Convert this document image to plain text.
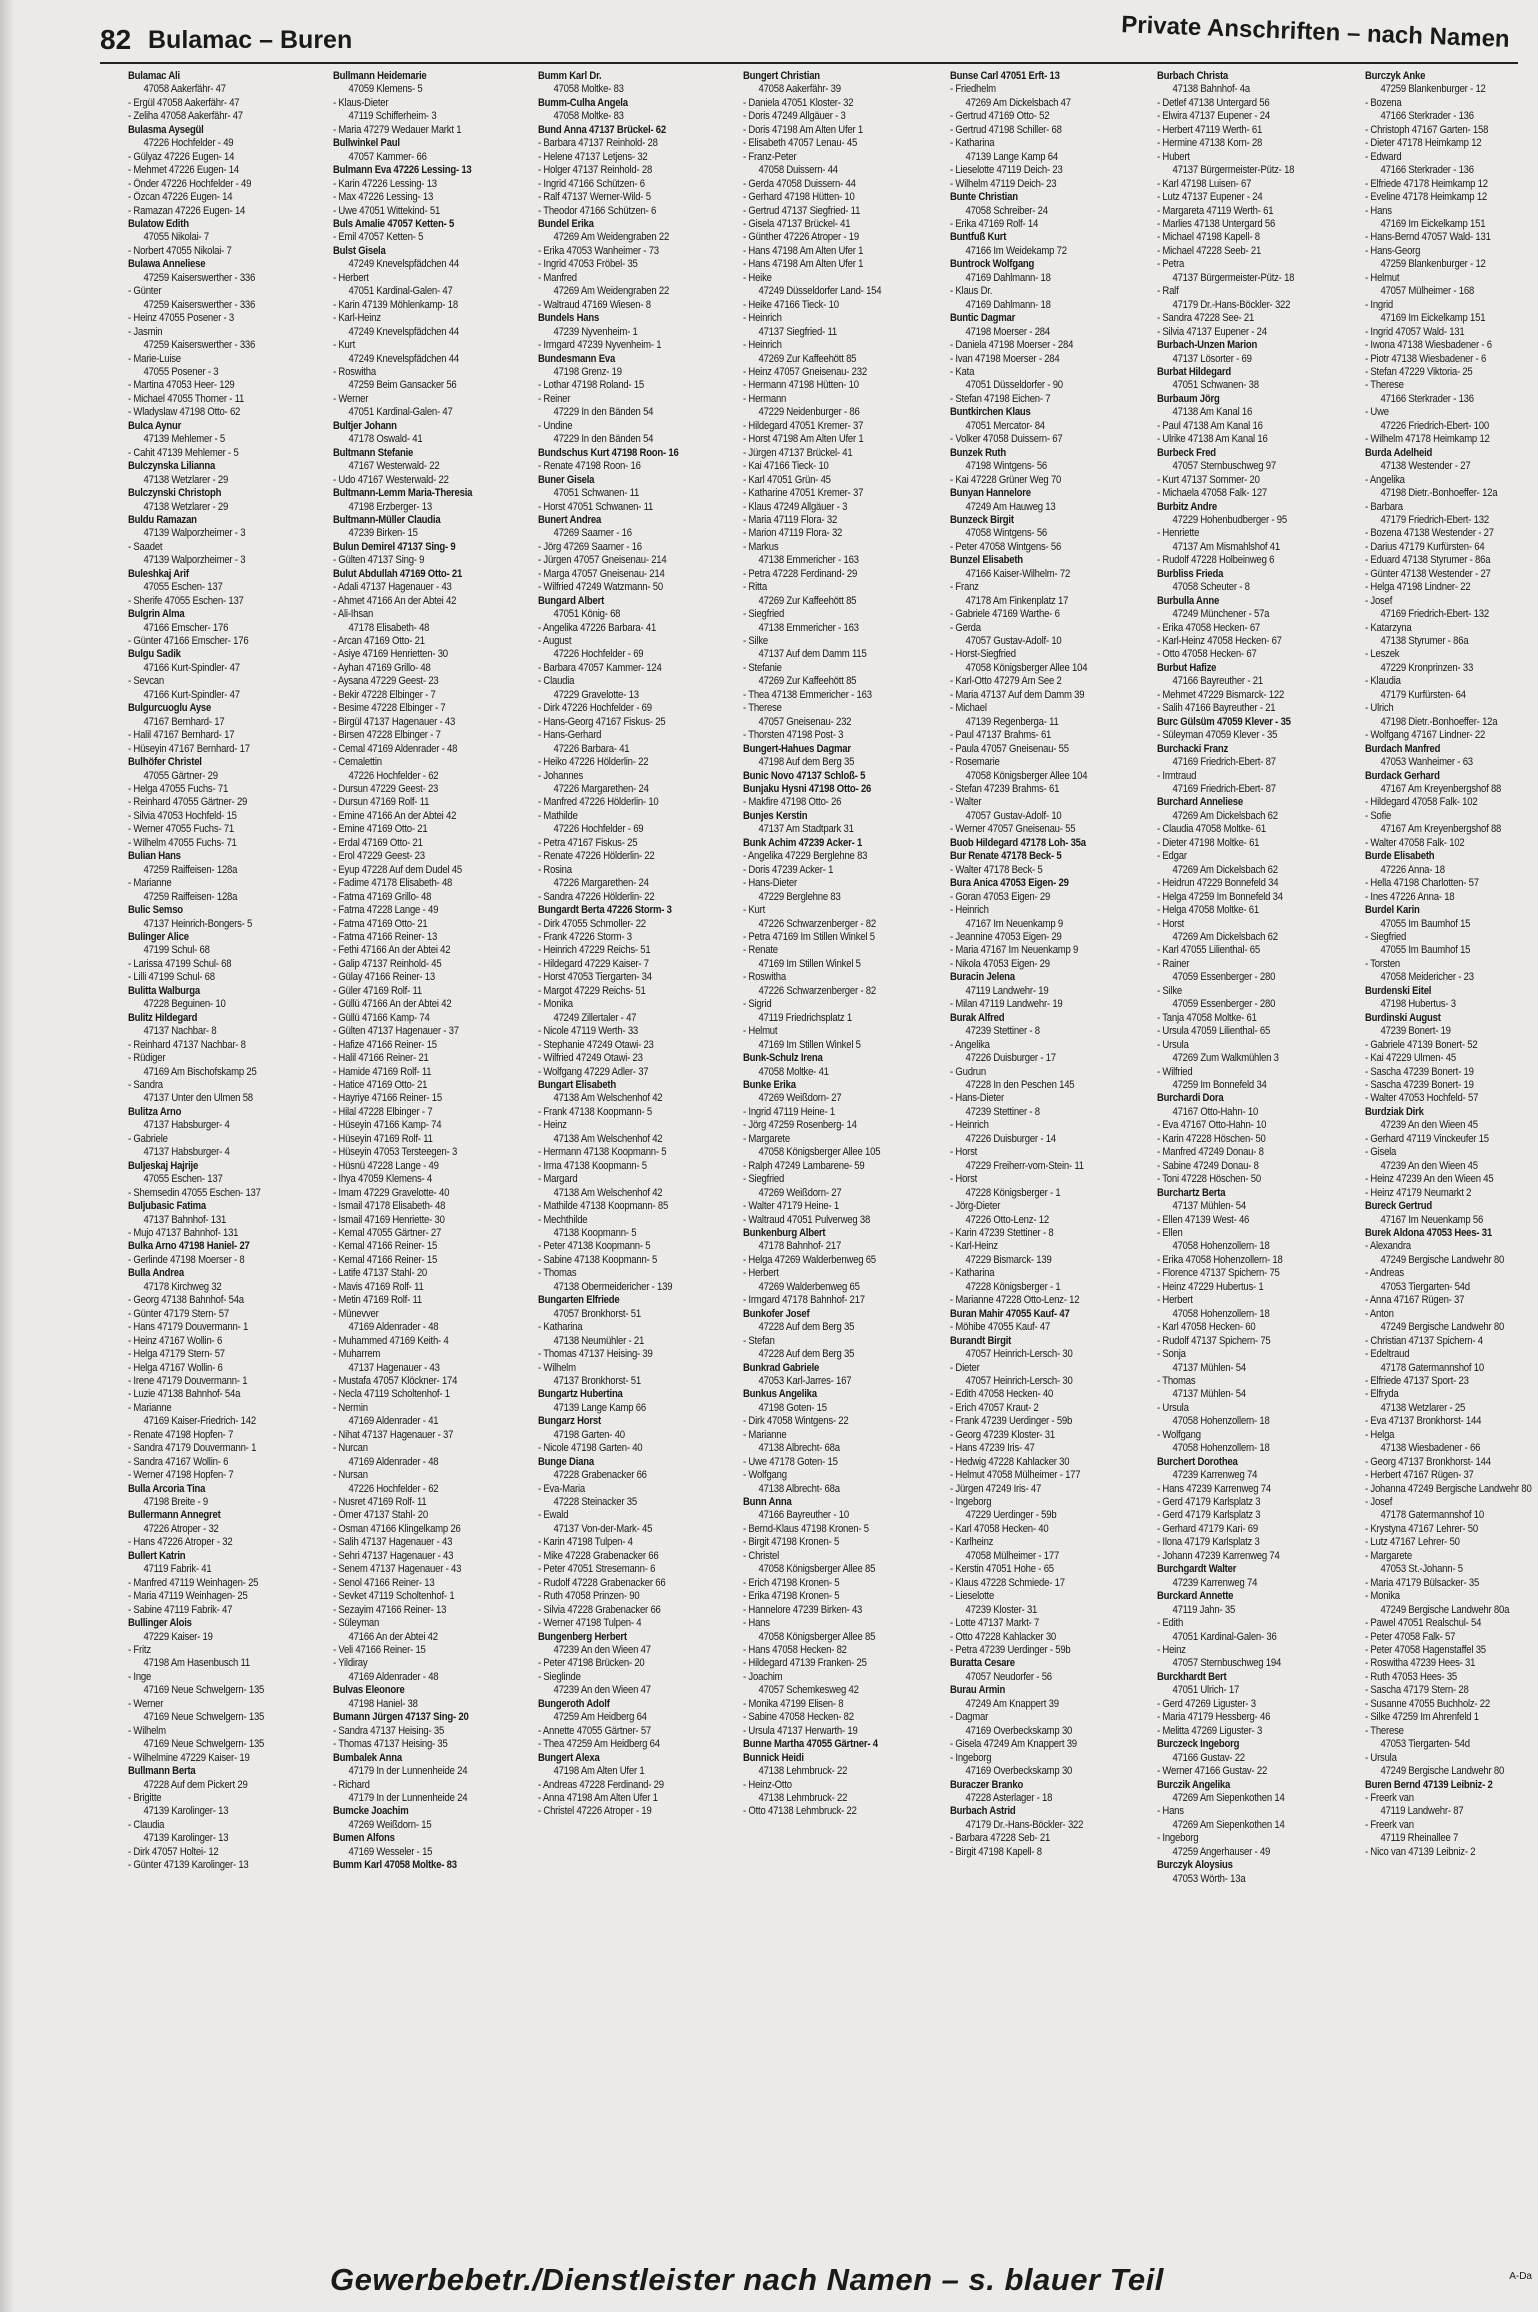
82 Bulamac – Buren	Private Anschriften – nach Namen
Bulamac Ali
47058 Aakerfähr- 47
- Ergül 47058 Aakerfähr- 47
- Zeliha 47058 Aakerfähr- 47
Bulasma Aysegül
47226 Hochfelder - 49
- Gülyaz 47226 Eugen- 14
- Mehmet 47226 Eugen- 14
- Önder 47226 Hochfelder - 49
- Özcan 47226 Eugen- 14
- Ramazan 47226 Eugen- 14
Bulatow Edith
47055 Nikolai- 7
- Norbert 47055 Nikolai- 7
Bulawa Anneliese
47259 Kaiserswerther - 336
- Günter
47259 Kaiserswerther - 336
- Heinz 47055 Posener - 3
- Jasmin
47259 Kaiserswerther - 336
- Marie-Luise
47055 Posener - 3
- Martina 47053 Heer- 129
- Michael 47055 Thorner - 11
- Wladyslaw 47198 Otto- 62
Bulca Aynur
47139 Mehlemer - 5
- Cahit 47139 Mehlemer - 5
Bulczynska Lilianna
47138 Wetzlarer - 29
Bulczynski Christoph
47138 Wetzlarer - 29
Buldu Ramazan
47139 Walporzheimer - 3
- Saadet
47139 Walporzheimer - 3
Buleshkaj Arif
47055 Eschen- 137
- Sherife 47055 Eschen- 137
Bulgrin Alma
47166 Emscher- 176
- Günter 47166 Emscher- 176
Bulgu Sadik
47166 Kurt-Spindler- 47
- Sevcan
47166 Kurt-Spindler- 47
Bulgurcuoglu Ayse
47167 Bernhard- 17
- Halil 47167 Bernhard- 17
- Hüseyin 47167 Bernhard- 17
Bulhöfer Christel
47055 Gärtner- 29
- Helga 47055 Fuchs- 71
- Reinhard 47055 Gärtner- 29
- Silvia 47053 Hochfeld- 15
- Werner 47055 Fuchs- 71
- Wilhelm 47055 Fuchs- 71
Bulian Hans
47259 Raiffeisen- 128a
- Marianne
47259 Raiffeisen- 128a
Bulic Semso
47137 Heinrich-Bongers- 5
Bulinger Alice
47199 Schul- 68
- Larissa 47199 Schul- 68
- Lilli 47199 Schul- 68
Bulitta Walburga
47228 Beguinen- 10
Bulitz Hildegard
47137 Nachbar- 8
- Reinhard 47137 Nachbar- 8
- Rüdiger
47169 Am Bischofskamp 25
- Sandra
47137 Unter den Ulmen 58
Bulitza Arno
47137 Habsburger- 4
- Gabriele
47137 Habsburger- 4
Buljeskaj Hajrije
47055 Eschen- 137
- Shemsedin 47055 Eschen- 137
Buljubasic Fatima
47137 Bahnhof- 131
- Mujo 47137 Bahnhof- 131
Bulka Arno 47198 Haniel- 27
- Gerlinde 47198 Moerser - 8
Bulla Andrea
47178 Kirchweg 32
- Georg 47138 Bahnhof- 54a
- Günter 47179 Stern- 57
- Hans 47179 Douvermann- 1
- Heinz 47167 Wollin- 6
- Helga 47179 Stern- 57
- Helga 47167 Wollin- 6
- Irene 47179 Douvermann- 1
- Luzie 47138 Bahnhof- 54a
- Marianne
47169 Kaiser-Friedrich- 142
- Renate 47198 Hopfen- 7
- Sandra 47179 Douvermann- 1
- Sandra 47167 Wollin- 6
- Werner 47198 Hopfen- 7
Bulla Arcoria Tina
47198 Breite - 9
Bullermann Annegret
47226 Atroper - 32
- Hans 47226 Atroper - 32
Bullert Katrin
47119 Fabrik- 41
- Manfred 47119 Weinhagen- 25
- Maria 47119 Weinhagen- 25
- Sabine 47119 Fabrik- 47
Bullinger Alois
47229 Kaiser- 19
- Fritz
47198 Am Hasenbusch 11
- Inge
47169 Neue Schwelgern- 135
- Werner
47169 Neue Schwelgern- 135
- Wilhelm
47169 Neue Schwelgern- 135
- Wilhelmine 47229 Kaiser- 19
Bullmann Berta
47228 Auf dem Pickert 29
- Brigitte
47139 Karolinger- 13
- Claudia
47139 Karolinger- 13
- Dirk 47057 Holtei- 12
- Günter 47139 Karolinger- 13
Bullmann Heidemarie
47059 Klemens- 5
- Klaus-Dieter
47119 Schifferheim- 3
- Maria 47279 Wedauer Markt 1
Bullwinkel Paul
47057 Kammer- 66
Bulmann Eva 47226 Lessing- 13
- Karin 47226 Lessing- 13
- Max 47226 Lessing- 13
- Uwe 47051 Wittekind- 51
Buls Amalie 47057 Ketten- 5
- Emil 47057 Ketten- 5
Bulst Gisela
47249 Knevelspfädchen 44
- Herbert
47051 Kardinal-Galen- 47
- Karin 47139 Möhlenkamp- 18
- Karl-Heinz
47249 Knevelspfädchen 44
- Kurt
47249 Knevelspfädchen 44
- Roswitha
47259 Beim Gansacker 56
- Werner
47051 Kardinal-Galen- 47
Bultjer Johann
47178 Oswald- 41
Bultmann Stefanie
47167 Westerwald- 22
- Udo 47167 Westerwald- 22
Bultmann-Lemm Maria-Theresia
47198 Erzberger- 13
Bultmann-Müller Claudia
47239 Birken- 15
Bulun Demirel 47137 Sing- 9
- Gülten 47137 Sing- 9
Bulut Abdullah 47169 Otto- 21
- Adali 47137 Hagenauer - 43
- Ahmet 47166 An der Abtei 42
- Ali-Ihsan
47178 Elisabeth- 48
- Arcan 47169 Otto- 21
- Asiye 47169 Henrietten- 30
- Ayhan 47169 Grillo- 48
- Aysana 47229 Geest- 23
- Bekir 47228 Elbinger - 7
- Besime 47228 Elbinger - 7
- Birgül 47137 Hagenauer - 43
- Birsen 47228 Elbinger - 7
- Cemal 47169 Aldenrader - 48
- Cemalettin
47226 Hochfelder - 62
- Dursun 47229 Geest- 23
- Dursun 47169 Rolf- 11
- Emine 47166 An der Abtei 42
- Emine 47169 Otto- 21
- Erdal 47169 Otto- 21
- Erol 47229 Geest- 23
- Eyup 47228 Auf dem Dudel 45
- Fadime 47178 Elisabeth- 48
- Fatma 47169 Grillo- 48
- Fatma 47228 Lange - 49
- Fatma 47169 Otto- 21
- Fatma 47166 Reiner- 13
- Fethi 47166 An der Abtei 42
- Galip 47137 Reinhold- 45
- Gülay 47166 Reiner- 13
- Güler 47169 Rolf- 11
- Güllü 47166 An der Abtei 42
- Güllü 47166 Kamp- 74
- Gülten 47137 Hagenauer - 37
- Hafize 47166 Reiner- 15
- Halil 47166 Reiner- 21
- Hamide 47169 Rolf- 11
- Hatice 47169 Otto- 21
- Hayriye 47166 Reiner- 15
- Hilal 47228 Elbinger - 7
- Hüseyin 47166 Kamp- 74
- Hüseyin 47169 Rolf- 11
- Hüseyin 47053 Tersteegen- 3
- Hüsnü 47228 Lange - 49
- Ihya 47059 Klemens- 4
- Imam 47229 Gravelotte- 40
- Ismail 47178 Elisabeth- 48
- Ismail 47169 Henriette- 30
- Kemal 47055 Gärtner- 27
- Kemal 47166 Reiner- 15
- Kemal 47166 Reiner- 15
- Latife 47137 Stahl- 20
- Mavis 47169 Rolf- 11
- Metin 47169 Rolf- 11
- Münevver
47169 Aldenrader - 48
- Muhammed 47169 Keith- 4
- Muharrem
47137 Hagenauer - 43
- Mustafa 47057 Klöckner- 174
- Necla 47119 Scholtenhof- 1
- Nermin
47169 Aldenrader - 41
- Nihat 47137 Hagenauer - 37
- Nurcan
47169 Aldenrader - 48
- Nursan
47226 Hochfelder - 62
- Nusret 47169 Rolf- 11
- Ömer 47137 Stahl- 20
- Osman 47166 Klingelkamp 26
- Salih 47137 Hagenauer - 43
- Sehri 47137 Hagenauer - 43
- Senem 47137 Hagenauer - 43
- Senol 47166 Reiner- 13
- Sevket 47119 Scholtenhof- 1
- Sezayim 47166 Reiner- 13
- Süleyman
47166 An der Abtei 42
- Veli 47166 Reiner- 15
- Yildiray
47169 Aldenrader - 48
Bulvas Eleonore
47198 Haniel- 38
Bumann Jürgen 47137 Sing- 20
- Sandra 47137 Heising- 35
- Thomas 47137 Heising- 35
Bumbalek Anna
47179 In der Lunnenheide 24
- Richard
47179 In der Lunnenheide 24
Bumcke Joachim
47269 Weißdorn- 15
Bumen Alfons
47169 Wesseler - 15
Bumm Karl 47058 Moltke- 83
Bumm Karl Dr.
47058 Moltke- 83
Bumm-Culha Angela
47058 Moltke- 83
Bund Anna 47137 Brückel- 62
- Barbara 47137 Reinhold- 28
- Helene 47137 Letjens- 32
- Holger 47137 Reinhold- 28
- Ingrid 47166 Schützen- 6
- Ralf 47137 Werner-Wild- 5
- Theodor 47166 Schützen- 6
Bundel Erika
47269 Am Weidengraben 22
- Erika 47053 Wanheimer - 73
- Ingrid 47053 Fröbel- 35
- Manfred
47269 Am Weidengraben 22
- Waltraud 47169 Wiesen- 8
Bundels Hans
47239 Nyvenheim- 1
- Irmgard 47239 Nyvenheim- 1
Bundesmann Eva
47198 Grenz- 19
- Lothar 47198 Roland- 15
- Reiner
47229 In den Bänden 54
- Undine
47229 In den Bänden 54
Bundschus Kurt 47198 Roon- 16
- Renate 47198 Roon- 16
Buner Gisela
47051 Schwanen- 11
- Horst 47051 Schwanen- 11
Bunert Andrea
47269 Saarner - 16
- Jörg 47269 Saarner - 16
- Jürgen 47057 Gneisenau- 214
- Marga 47057 Gneisenau- 214
- Wilfried 47249 Watzmann- 50
Bungard Albert
47051 König- 68
- Angelika 47226 Barbara- 41
- August
47226 Hochfelder - 69
- Barbara 47057 Kammer- 124
- Claudia
47229 Gravelotte- 13
- Dirk 47226 Hochfelder - 69
- Hans-Georg 47167 Fiskus- 25
- Hans-Gerhard
47226 Barbara- 41
- Heiko 47226 Hölderlin- 22
- Johannes
47226 Margarethen- 24
- Manfred 47226 Hölderlin- 10
- Mathilde
47226 Hochfelder - 69
- Petra 47167 Fiskus- 25
- Renate 47226 Hölderlin- 22
- Rosina
47226 Margarethen- 24
- Sandra 47226 Hölderlin- 22
Bungardt Berta 47226 Storm- 3
- Dirk 47055 Schmoller- 22
- Frank 47226 Storm- 3
- Heinrich 47229 Reichs- 51
- Hildegard 47229 Kaiser- 7
- Horst 47053 Tiergarten- 34
- Margot 47229 Reichs- 51
- Monika
47249 Zillertaler - 47
- Nicole 47119 Werth- 33
- Stephanie 47249 Otawi- 23
- Wilfried 47249 Otawi- 23
- Wolfgang 47229 Adler- 37
Bungart Elisabeth
47138 Am Welschenhof 42
- Frank 47138 Koopmann- 5
- Heinz
47138 Am Welschenhof 42
- Hermann 47138 Koopmann- 5
- Irma 47138 Koopmann- 5
- Margard
47138 Am Welschenhof 42
- Mathilde 47138 Koopmann- 85
- Mechthilde
47138 Koopmann- 5
- Peter 47138 Koopmann- 5
- Sabine 47138 Koopmann- 5
- Thomas
47138 Obermeidericher - 139
Bungarten Elfriede
47057 Bronkhorst- 51
- Katharina
47138 Neumühler - 21
- Thomas 47137 Heising- 39
- Wilhelm
47137 Bronkhorst- 51
Bungartz Hubertina
47139 Lange Kamp 66
Bungarz Horst
47198 Garten- 40
- Nicole 47198 Garten- 40
Bunge Diana
47228 Grabenacker 66
- Eva-Maria
47228 Steinacker 35
- Ewald
47137 Von-der-Mark- 45
- Karin 47198 Tulpen- 4
- Mike 47228 Grabenacker 66
- Peter 47051 Stresemann- 6
- Rudolf 47228 Grabenacker 66
- Ruth 47058 Prinzen- 90
- Silvia 47228 Grabenacker 66
- Werner 47198 Tulpen- 4
Bungenberg Herbert
47239 An den Wieen 47
- Peter 47198 Brücken- 20
- Sieglinde
47239 An den Wieen 47
Bungeroth Adolf
47259 Am Heidberg 64
- Annette 47055 Gärtner- 57
- Thea 47259 Am Heidberg 64
Bungert Alexa
47198 Am Alten Ufer 1
- Andreas 47228 Ferdinand- 29
- Anna 47198 Am Alten Ufer 1
- Christel 47226 Atroper - 19
Bungert Christian
47058 Aakerfähr- 39
- Daniela 47051 Kloster- 32
- Doris 47249 Allgäuer - 3
- Doris 47198 Am Alten Ufer 1
- Elisabeth 47057 Lenau- 45
- Franz-Peter
47058 Duissern- 44
- Gerda 47058 Duissern- 44
- Gerhard 47198 Hütten- 10
- Gertrud 47137 Siegfried- 11
- Gisela 47137 Brückel- 41
- Günther 47226 Atroper - 19
- Hans 47198 Am Alten Ufer 1
- Hans 47198 Am Alten Ufer 1
- Heike
47249 Düsseldorfer Land- 154
- Heike 47166 Tieck- 10
- Heinrich
47137 Siegfried- 11
- Heinrich
47269 Zur Kaffeehött 85
- Heinz 47057 Gneisenau- 232
- Hermann 47198 Hütten- 10
- Hermann
47229 Neidenburger - 86
- Hildegard 47051 Kremer- 37
- Horst 47198 Am Alten Ufer 1
- Jürgen 47137 Brückel- 41
- Kai 47166 Tieck- 10
- Karl 47051 Grün- 45
- Katharine 47051 Kremer- 37
- Klaus 47249 Allgäuer - 3
- Maria 47119 Flora- 32
- Marion 47119 Flora- 32
- Markus
47138 Emmericher - 163
- Petra 47228 Ferdinand- 29
- Ritta
47269 Zur Kaffeehött 85
- Siegfried
47138 Emmericher - 163
- Silke
47137 Auf dem Damm 115
- Stefanie
47269 Zur Kaffeehött 85
- Thea 47138 Emmericher - 163
- Therese
47057 Gneisenau- 232
- Thorsten 47198 Post- 3
Bungert-Hahues Dagmar
47198 Auf dem Berg 35
Bunic Novo 47137 Schloß- 5
Bunjaku Hysni 47198 Otto- 26
- Makfire 47198 Otto- 26
Bunjes Kerstin
47137 Am Stadtpark 31
Bunk Achim 47239 Acker- 1
- Angelika 47229 Berglehne 83
- Doris 47239 Acker- 1
- Hans-Dieter
47229 Berglehne 83
- Kurt
47226 Schwarzenberger - 82
- Petra 47169 Im Stillen Winkel 5
- Renate
47169 Im Stillen Winkel 5
- Roswitha
47226 Schwarzenberger - 82
- Sigrid
47119 Friedrichsplatz 1
- Helmut
47169 Im Stillen Winkel 5
Bunk-Schulz Irena
47058 Moltke- 41
Bunke Erika
47269 Weißdorn- 27
- Ingrid 47119 Heine- 1
- Jörg 47259 Rosenberg- 14
- Margarete
47058 Königsberger Allee 105
- Ralph 47249 Lambarene- 59
- Siegfried
47269 Weißdorn- 27
- Walter 47179 Heine- 1
- Waltraud 47051 Pulverweg 38
Bunkenburg Albert
47178 Bahnhof- 217
- Helga 47269 Walderbenweg 65
- Herbert
47269 Walderbenweg 65
- Irmgard 47178 Bahnhof- 217
Bunkofer Josef
47228 Auf dem Berg 35
- Stefan
47228 Auf dem Berg 35
Bunkrad Gabriele
47053 Karl-Jarres- 167
Bunkus Angelika
47198 Goten- 15
- Dirk 47058 Wintgens- 22
- Marianne
47138 Albrecht- 68a
- Uwe 47178 Goten- 15
- Wolfgang
47138 Albrecht- 68a
Bunn Anna
47166 Bayreuther - 10
- Bernd-Klaus 47198 Kronen- 5
- Birgit 47198 Kronen- 5
- Christel
47058 Königsberger Allee 85
- Erich 47198 Kronen- 5
- Erika 47198 Kronen- 5
- Hannelore 47239 Birken- 43
- Hans
47058 Königsberger Allee 85
- Hans 47058 Hecken- 82
- Hildegard 47139 Franken- 25
- Joachim
47057 Schemkesweg 42
- Monika 47199 Elisen- 8
- Sabine 47058 Hecken- 82
- Ursula 47137 Herwarth- 19
Bunne Martha 47055 Gärtner- 4
Bunnick Heidi
47138 Lehmbruck- 22
- Heinz-Otto
47138 Lehmbruck- 22
- Otto 47138 Lehmbruck- 22
Bunse Carl 47051 Erft- 13
- Friedhelm
47269 Am Dickelsbach 47
- Gertrud 47169 Otto- 52
- Gertrud 47198 Schiller- 68
- Katharina
47139 Lange Kamp 64
- Lieselotte 47119 Deich- 23
- Wilhelm 47119 Deich- 23
Bunte Christian
47058 Schreiber- 24
- Erika 47169 Rolf- 14
Buntfuß Kurt
47166 Im Weidekamp 72
Buntrock Wolfgang
47169 Dahlmann- 18
- Klaus Dr.
47169 Dahlmann- 18
Buntic Dagmar
47198 Moerser - 284
- Daniela 47198 Moerser - 284
- Ivan 47198 Moerser - 284
- Kata
47051 Düsseldorfer - 90
- Stefan 47198 Eichen- 7
Buntkirchen Klaus
47051 Mercator- 84
- Volker 47058 Duissern- 67
Bunzek Ruth
47198 Wintgens- 56
- Kai 47228 Grüner Weg 70
Bunyan Hannelore
47249 Am Hauweg 13
Bunzeck Birgit
47058 Wintgens- 56
- Peter 47058 Wintgens- 56
Bunzel Elisabeth
47166 Kaiser-Wilhelm- 72
- Franz
47178 Am Finkenplatz 17
- Gabriele 47169 Warthe- 6
- Gerda
47057 Gustav-Adolf- 10
- Horst-Siegfried
47058 Königsberger Allee 104
- Karl-Otto 47279 Am See 2
- Maria 47137 Auf dem Damm 39
- Michael
47139 Regenberga- 11
- Paul 47137 Brahms- 61
- Paula 47057 Gneisenau- 55
- Rosemarie
47058 Königsberger Allee 104
- Stefan 47239 Brahms- 61
- Walter
47057 Gustav-Adolf- 10
- Werner 47057 Gneisenau- 55
Buob Hildegard 47178 Loh- 35a
Bur Renate 47178 Beck- 5
- Walter 47178 Beck- 5
Bura Anica 47053 Eigen- 29
- Goran 47053 Eigen- 29
- Heinrich
47167 Im Neuenkamp 9
- Jeannine 47053 Eigen- 29
- Maria 47167 Im Neuenkamp 9
- Nikola 47053 Eigen- 29
Buracin Jelena
47119 Landwehr- 19
- Milan 47119 Landwehr- 19
Burak Alfred
47239 Stettiner - 8
- Angelika
47226 Duisburger - 17
- Gudrun
47228 In den Peschen 145
- Hans-Dieter
47239 Stettiner - 8
- Heinrich
47226 Duisburger - 14
- Horst
47229 Freiherr-vom-Stein- 11
- Horst
47228 Königsberger - 1
- Jörg-Dieter
47226 Otto-Lenz- 12
- Karin 47239 Stettiner - 8
- Karl-Heinz
47229 Bismarck- 139
- Katharina
47228 Königsberger - 1
- Marianne 47228 Otto-Lenz- 12
Buran Mahir 47055 Kauf- 47
- Möhibe 47055 Kauf- 47
Burandt Birgit
47057 Heinrich-Lersch- 30
- Dieter
47057 Heinrich-Lersch- 30
- Edith 47058 Hecken- 40
- Erich 47057 Kraut- 2
- Frank 47239 Uerdinger - 59b
- Georg 47239 Kloster- 31
- Hans 47239 Iris- 47
- Hedwig 47228 Kahlacker 30
- Helmut 47058 Mülheimer - 177
- Jürgen 47249 Iris- 47
- Ingeborg
47229 Uerdinger - 59b
- Karl 47058 Hecken- 40
- Karlheinz
47058 Mülheimer - 177
- Kerstin 47051 Hohe - 65
- Klaus 47228 Schmiede- 17
- Lieselotte
47239 Kloster- 31
- Lotte 47137 Markt- 7
- Otto 47228 Kahlacker 30
- Petra 47239 Uerdinger - 59b
Buratta Cesare
47057 Neudorfer - 56
Burau Armin
47249 Am Knappert 39
- Dagmar
47169 Overbeckskamp 30
- Gisela 47249 Am Knappert 39
- Ingeborg
47169 Overbeckskamp 30
Buraczer Branko
47228 Asterlager - 18
Burbach Astrid
47179 Dr.-Hans-Böckler- 322
- Barbara 47228 Seb- 21
- Birgit 47198 Kapell- 8
Burbach Christa
47138 Bahnhof- 4a
- Detlef 47138 Untergard 56
- Elwira 47137 Eupener - 24
- Herbert 47119 Werth- 61
- Hermine 47138 Korn- 28
- Hubert
47137 Bürgermeister-Pütz- 18
- Karl 47198 Luisen- 67
- Lutz 47137 Eupener - 24
- Margareta 47119 Werth- 61
- Marlies 47138 Untergard 56
- Michael 47198 Kapell- 8
- Michael 47228 Seeb- 21
- Petra
47137 Bürgermeister-Pütz- 18
- Ralf
47179 Dr.-Hans-Böckler- 322
- Sandra 47228 See- 21
- Silvia 47137 Eupener - 24
Burbach-Unzen Marion
47137 Lösorter - 69
Burbat Hildegard
47051 Schwanen- 38
Burbaum Jörg
47138 Am Kanal 16
- Paul 47138 Am Kanal 16
- Ulrike 47138 Am Kanal 16
Burbeck Fred
47057 Sternbuschweg 97
- Kurt 47137 Sommer- 20
- Michaela 47058 Falk- 127
Burbitz Andre
47229 Hohenbudberger - 95
- Henriette
47137 Am Mismahlshof 41
- Rudolf 47228 Holbeinweg 6
Burbliss Frieda
47058 Scheuter - 8
Burbulla Anne
47249 Münchener - 57a
- Erika 47058 Hecken- 67
- Karl-Heinz 47058 Hecken- 67
- Otto 47058 Hecken- 67
Burbut Hafize
47166 Bayreuther - 21
- Mehmet 47229 Bismarck- 122
- Salih 47166 Bayreuther - 21
Burc Gülsüm 47059 Klever - 35
- Süleyman 47059 Klever - 35
Burchacki Franz
47169 Friedrich-Ebert- 87
- Irmtraud
47169 Friedrich-Ebert- 87
Burchard Anneliese
47269 Am Dickelsbach 62
- Claudia 47058 Moltke- 61
- Dieter 47198 Moltke- 61
- Edgar
47269 Am Dickelsbach 62
- Heidrun 47229 Bonnefeld 34
- Helga 47259 Im Bonnefeld 34
- Helga 47058 Moltke- 61
- Horst
47269 Am Dickelsbach 62
- Karl 47055 Lilienthal- 65
- Rainer
47059 Essenberger - 280
- Silke
47059 Essenberger - 280
- Tanja 47058 Moltke- 61
- Ursula 47059 Lilienthal- 65
- Ursula
47269 Zum Walkmühlen 3
- Wilfried
47259 Im Bonnefeld 34
Burchardi Dora
47167 Otto-Hahn- 10
- Eva 47167 Otto-Hahn- 10
- Karin 47228 Höschen- 50
- Manfred 47249 Donau- 8
- Sabine 47249 Donau- 8
- Toni 47228 Höschen- 50
Burchartz Berta
47137 Mühlen- 54
- Ellen 47139 West- 46
- Ellen
47058 Hohenzollern- 18
- Erika 47058 Hohenzollern- 18
- Florence 47137 Spichern- 75
- Heinz 47229 Hubertus- 1
- Herbert
47058 Hohenzollern- 18
- Karl 47058 Hecken- 60
- Rudolf 47137 Spichern- 75
- Sonja
47137 Mühlen- 54
- Thomas
47137 Mühlen- 54
- Ursula
47058 Hohenzollern- 18
- Wolfgang
47058 Hohenzollern- 18
Burchert Dorothea
47239 Karrenweg 74
- Hans 47239 Karrenweg 74
- Gerd 47179 Karlsplatz 3
- Gerd 47179 Karlsplatz 3
- Gerhard 47179 Kari- 69
- Ilona 47179 Karlsplatz 3
- Johann 47239 Karrenweg 74
Burchgardt Walter
47239 Karrenweg 74
Burckard Annette
47119 Jahn- 35
- Edith
47051 Kardinal-Galen- 36
- Heinz
47057 Sternbuschweg 194
Burckhardt Bert
47051 Ulrich- 17
- Gerd 47269 Liguster- 3
- Maria 47179 Hessberg- 46
- Melitta 47269 Liguster- 3
Burczeck Ingeborg
47166 Gustav- 22
- Werner 47166 Gustav- 22
Burczik Angelika
47269 Am Siepenkothen 14
- Hans
47269 Am Siepenkothen 14
- Ingeborg
47259 Angerhauser - 49
Burczyk Aloysius
47053 Wörth- 13a
Burczyk Anke
47259 Blankenburger - 12
- Bozena
47166 Sterkrader - 136
- Christoph 47167 Garten- 158
- Dieter 47178 Heimkamp 12
- Edward
47166 Sterkrader - 136
- Elfriede 47178 Heimkamp 12
- Eveline 47178 Heimkamp 12
- Hans
47169 Im Eickelkamp 151
- Hans-Bernd 47057 Wald- 131
- Hans-Georg
47259 Blankenburger - 12
- Helmut
47057 Mülheimer - 168
- Ingrid
47169 Im Eickelkamp 151
- Ingrid 47057 Wald- 131
- Iwona 47138 Wiesbadener - 6
- Piotr 47138 Wiesbadener - 6
- Stefan 47229 Viktoria- 25
- Therese
47166 Sterkrader - 136
- Uwe
47226 Friedrich-Ebert- 100
- Wilhelm 47178 Heimkamp 12
Burda Adelheid
47138 Westender - 27
- Angelika
47198 Dietr.-Bonhoeffer- 12a
- Barbara
47179 Friedrich-Ebert- 132
- Bozena 47138 Westender - 27
- Darius 47179 Kurfürsten- 64
- Eduard 47138 Styrumer - 86a
- Günter 47138 Westender - 27
- Helga 47198 Lindner- 22
- Josef
47169 Friedrich-Ebert- 132
- Katarzyna
47138 Styrumer - 86a
- Leszek
47229 Kronprinzen- 33
- Klaudia
47179 Kurfürsten- 64
- Ulrich
47198 Dietr.-Bonhoeffer- 12a
- Wolfgang 47167 Lindner- 22
Burdach Manfred
47053 Wanheimer - 63
Burdack Gerhard
47167 Am Kreyenbergshof 88
- Hildegard 47058 Falk- 102
- Sofie
47167 Am Kreyenbergshof 88
- Walter 47058 Falk- 102
Burde Elisabeth
47226 Anna- 18
- Hella 47198 Charlotten- 57
- Ines 47226 Anna- 18
Burdel Karin
47055 Im Baumhof 15
- Siegfried
47055 Im Baumhof 15
- Torsten
47058 Meidericher - 23
Burdenski Eitel
47198 Hubertus- 3
Burdinski August
47239 Bonert- 19
- Gabriele 47139 Bonert- 52
- Kai 47229 Ulmen- 45
- Sascha 47239 Bonert- 19
- Sascha 47239 Bonert- 19
- Walter 47053 Hochfeld- 57
Burdziak Dirk
47239 An den Wieen 45
- Gerhard 47119 Vinckeufer 15
- Gisela
47239 An den Wieen 45
- Heinz 47239 An den Wieen 45
- Heinz 47179 Neumarkt 2
Bureck Gertrud
47167 Im Neuenkamp 56
Burek Aldona 47053 Hees- 31
- Alexandra
47249 Bergische Landwehr 80
- Andreas
47053 Tiergarten- 54d
- Anna 47167 Rügen- 37
- Anton
47249 Bergische Landwehr 80
- Christian 47137 Spichern- 4
- Edeltraud
47178 Gatermannshof 10
- Elfriede 47137 Sport- 23
- Elfryda
47138 Wetzlarer - 25
- Eva 47137 Bronkhorst- 144
- Helga
47138 Wiesbadener - 66
- Georg 47137 Bronkhorst- 144
- Herbert 47167 Rügen- 37
- Johanna 47249 Bergische Landwehr 80
- Josef
47178 Gatermannshof 10
- Krystyna 47167 Lehrer- 50
- Lutz 47167 Lehrer- 50
- Margarete
47053 St.-Johann- 5
- Maria 47179 Bülsacker- 35
- Monika
47249 Bergische Landwehr 80a
- Pawel 47051 Realschul- 54
- Peter 47058 Falk- 57
- Peter 47058 Hagenstaffel 35
- Roswitha 47239 Hees- 31
- Ruth 47053 Hees- 35
- Sascha 47179 Stern- 28
- Susanne 47055 Buchholz- 22
- Silke 47259 Im Ahrenfeld 1
- Therese
47053 Tiergarten- 54d
- Ursula
47249 Bergische Landwehr 80
Buren Bernd 47139 Leibniz- 2
- Freerk van
47119 Landwehr- 87
- Freerk van
47119 Rheinallee 7
- Nico van 47139 Leibniz- 2
Gewerbebetr./Dienstleister nach Namen – s. blauer Teil	A-Da
